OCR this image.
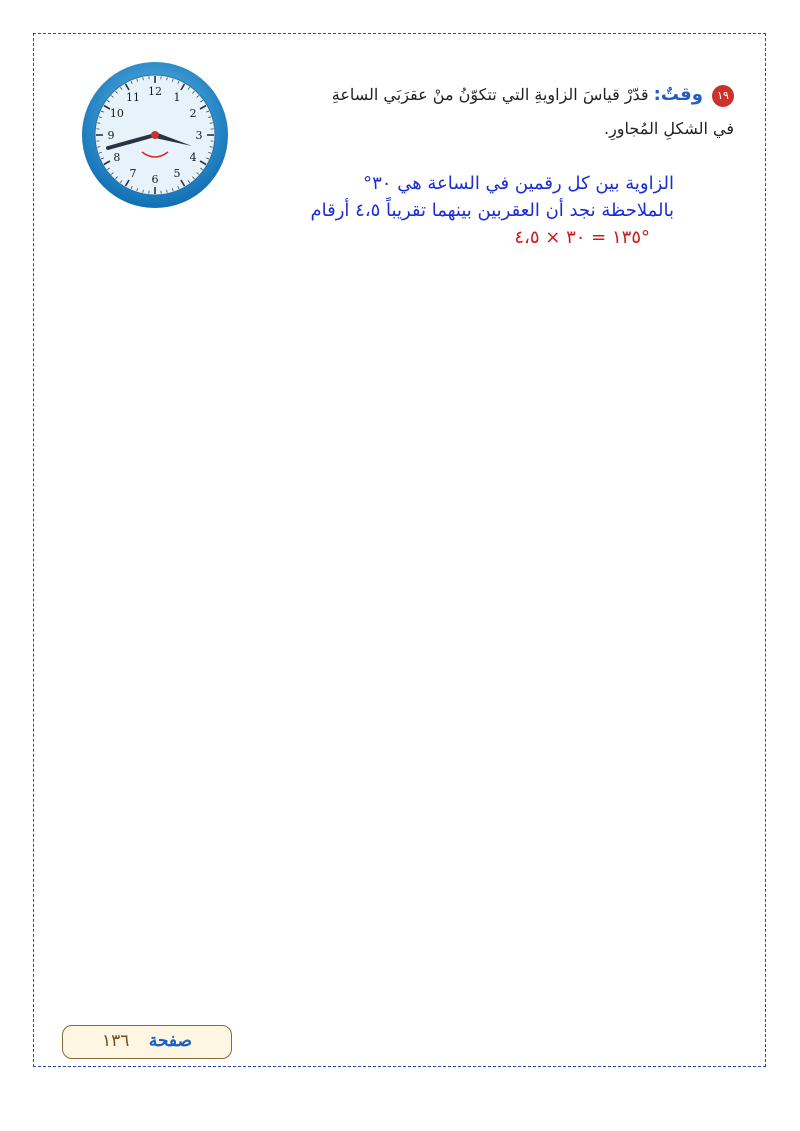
١٩ وقتٌ: قدّرْ قياسَ الزاويةِ التي تتكوّنُ منْ عقرَبَي الساعةِ
في الشكلِ المُجاورِ.
الزاوية بين كل رقمين في الساعة هي ٣٠°
بالملاحظة نجد أن العقربين بينهما تقريباً ٤،٥ أرقام
°١٣٥ = ٣٠ × ٤،٥
12 1
2
3
4
5
6
7
8
9
10
11
صفحة ١٣٦
